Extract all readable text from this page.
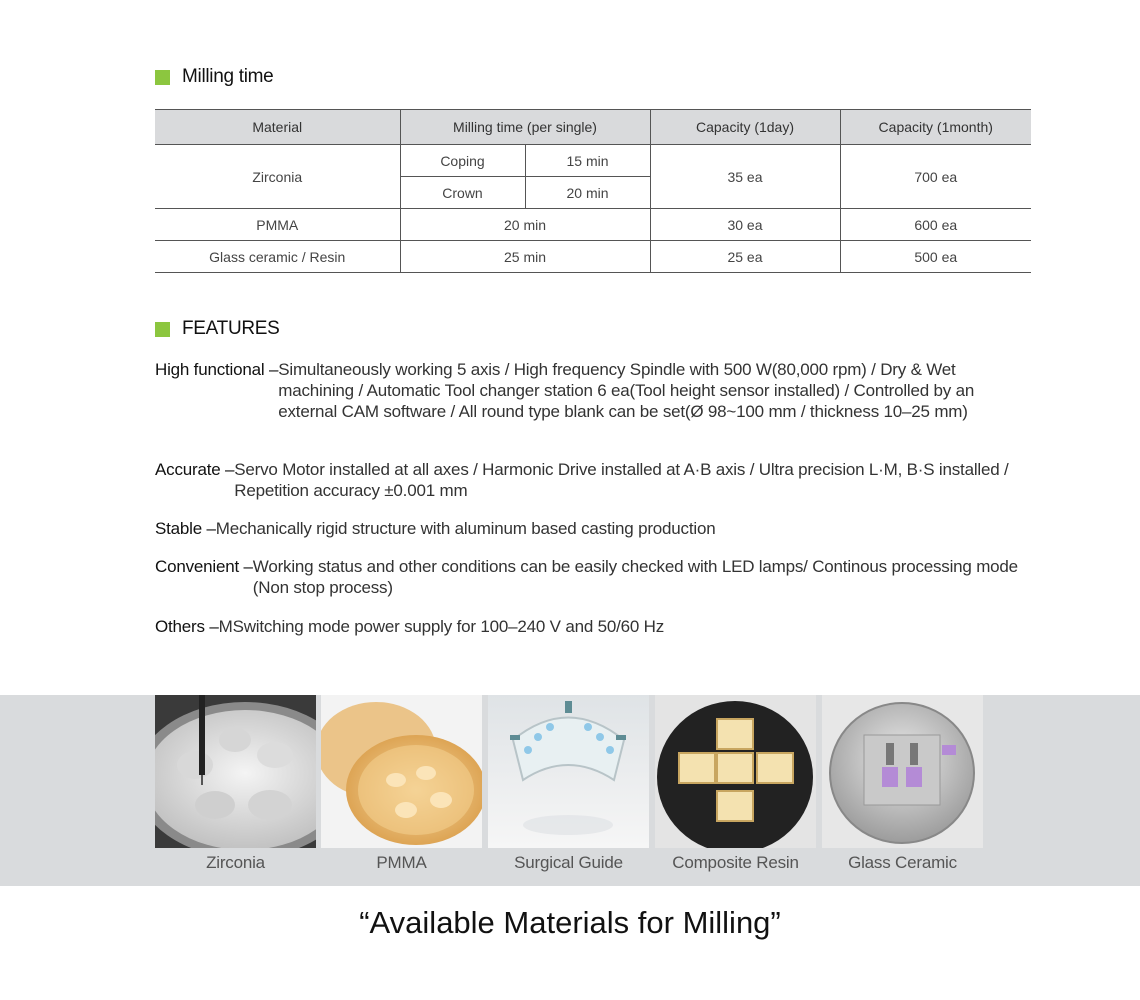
Milling time
Material	Milling time (per single)		Capacity (1day)	Capacity (1month)
Zirconia	Coping	15 min	35 ea	700 ea
	Crown	20 min		
PMMA	20 min		30 ea	600 ea
Glass ceramic / Resin	25 min		25 ea	500 ea
FEATURES
High functional – Simultaneously working 5 axis / High frequency Spindle with 500 W(80,000 rpm) / Dry & Wet machining / Automatic Tool changer station 6 ea(Tool height sensor installed) / Controlled by an external CAM software / All round type blank can be set(Ø 98~100 mm / thickness 10–25 mm)
Accurate – Servo Motor installed at all axes / Harmonic Drive installed at A·B axis / Ultra precision L·M, B·S installed / Repetition accuracy ±0.001 mm
Stable – Mechanically rigid structure with aluminum based casting production
Convenient – Working status and other conditions can be easily checked with LED lamps/ Continous processing mode (Non stop process)
Others – MSwitching mode power supply for 100–240 V and 50/60 Hz
Zirconia	PMMA	Surgical Guide	Composite Resin	Glass Ceramic
“Available Materials for Milling”
